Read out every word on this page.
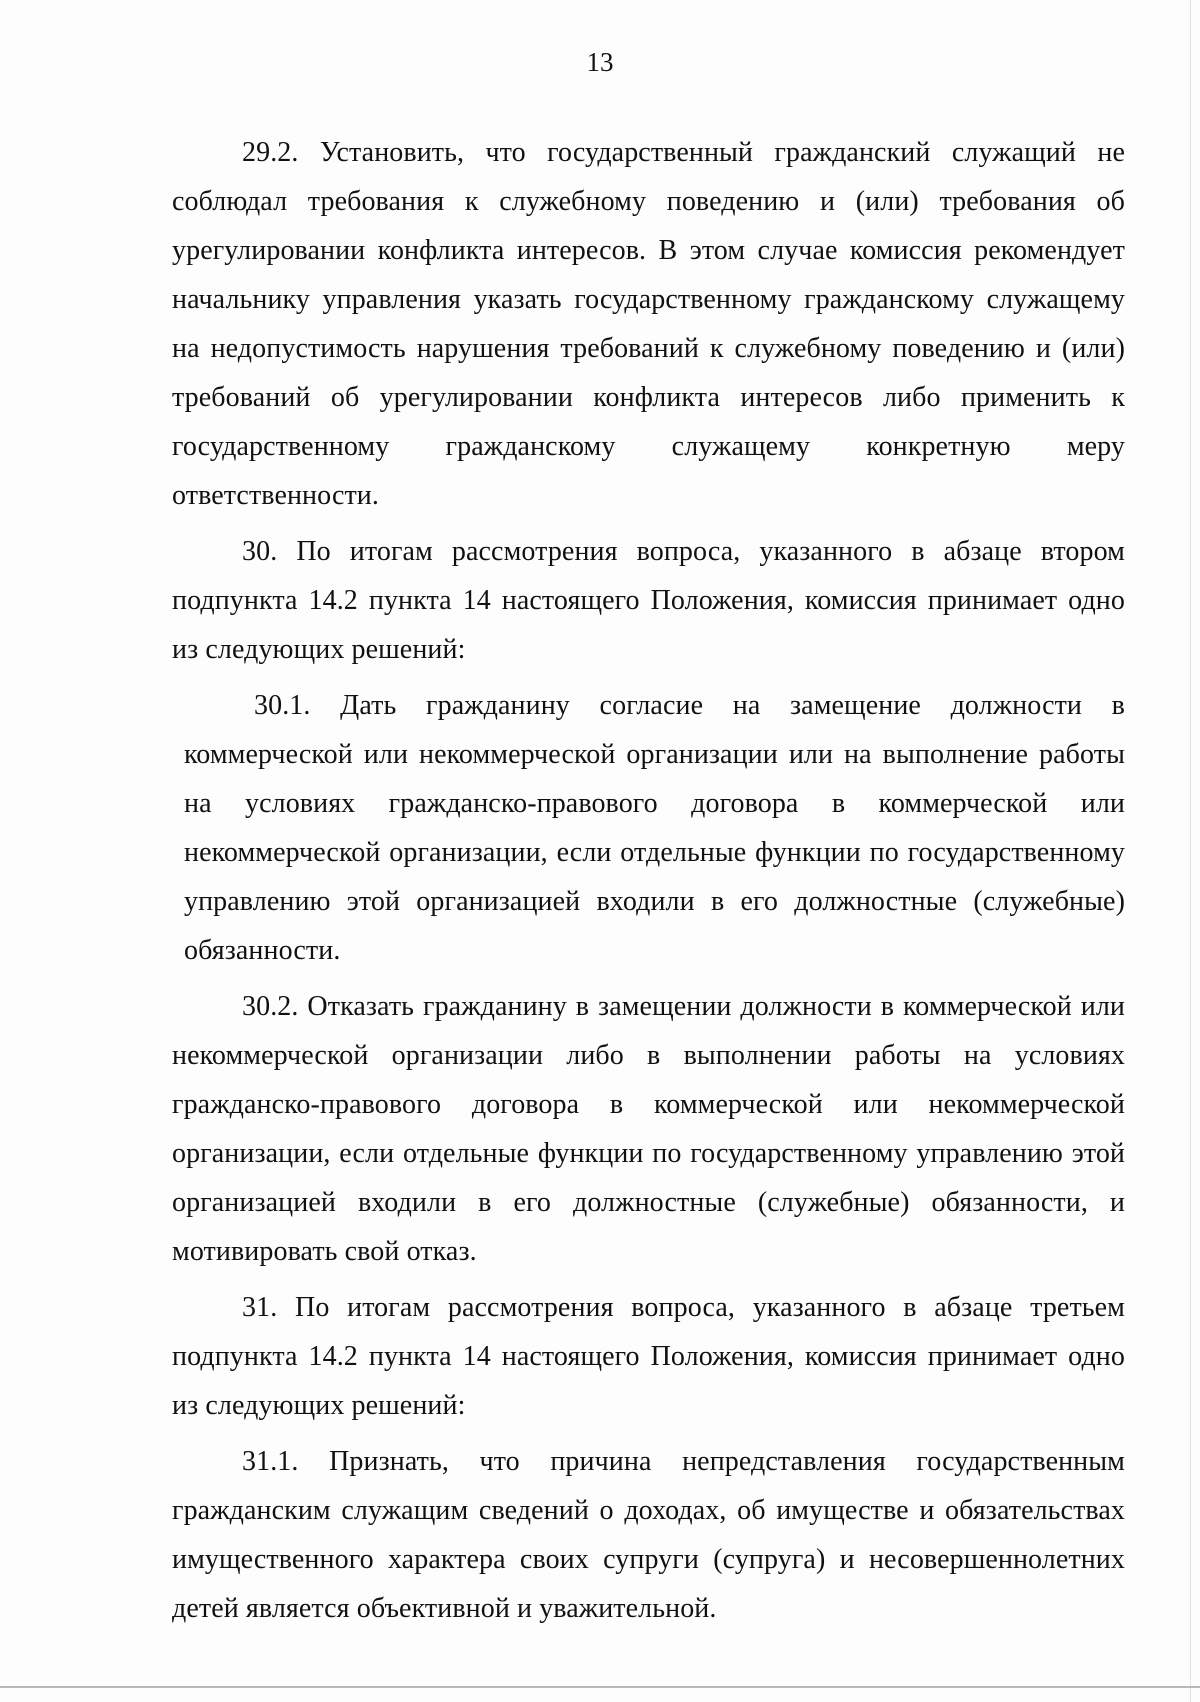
13

29.2. Установить, что государственный гражданский служащий не соблюдал требования к служебному поведению и (или) требования об урегулировании конфликта интересов. В этом случае комиссия рекомендует начальнику управления указать государственному гражданскому служащему на недопустимость нарушения требований к служебному поведению и (или) требований об урегулировании конфликта интересов либо применить к государственному гражданскому служащему конкретную меру ответственности.

30. По итогам рассмотрения вопроса, указанного в абзаце втором подпункта 14.2 пункта 14 настоящего Положения, комиссия принимает одно из следующих решений:

30.1. Дать гражданину согласие на замещение должности в коммерческой или некоммерческой организации или на выполнение работы на условиях гражданско-правового договора в коммерческой или некоммерческой организации, если отдельные функции по государственному управлению этой организацией входили в его должностные (служебные) обязанности.

30.2. Отказать гражданину в замещении должности в коммерческой или некоммерческой организации либо в выполнении работы на условиях гражданско-правового договора в коммерческой или некоммерческой организации, если отдельные функции по государственному управлению этой организацией входили в его должностные (служебные) обязанности, и мотивировать свой отказ.

31. По итогам рассмотрения вопроса, указанного в абзаце третьем подпункта 14.2 пункта 14 настоящего Положения, комиссия принимает одно из следующих решений:

31.1. Признать, что причина непредставления государственным гражданским служащим сведений о доходах, об имуществе и обязательствах имущественного характера своих супруги (супруга) и несовершеннолетних детей является объективной и уважительной.
